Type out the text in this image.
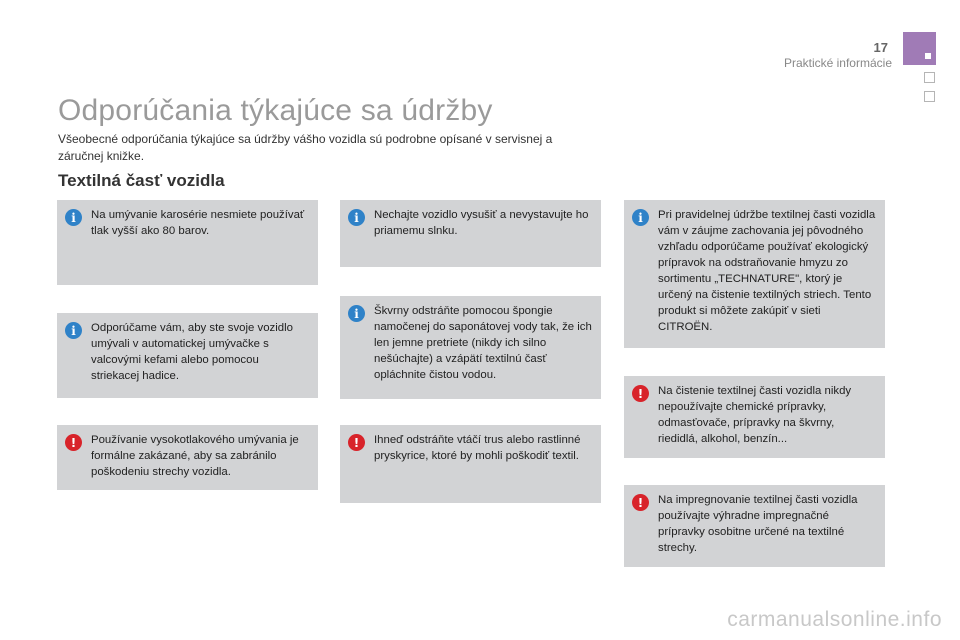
17
Praktické informácie
Odporúčania týkajúce sa údržby

Všeobecné odporúčania týkajúce sa údržby vášho vozidla sú podrobne opísané v servisnej a záručnej knižke.

Textilná časť vozidla
i	Na umývanie karosérie nesmiete používať tlak vyšší ako 80 barov.
i	Odporúčame vám, aby ste svoje vozidlo umývali v automatickej umývačke s valcovými kefami alebo pomocou striekacej hadice.
!	Používanie vysokotlakového umývania je formálne zakázané, aby sa zabránilo poškodeniu strechy vozidla.
i	Nechajte vozidlo vysušiť a nevystavujte ho priamemu slnku.
i	Škvrny odstráňte pomocou špongie namočenej do saponátovej vody tak, že ich len jemne pretriete (nikdy ich silno nešúchajte) a vzápätí textilnú časť opláchnite čistou vodou.
!	Ihneď odstráňte vtáčí trus alebo rastlinné pryskyrice, ktoré by mohli poškodiť textil.
i	Pri pravidelnej údržbe textilnej časti vozidla vám v záujme zachovania jej pôvodného vzhľadu odporúčame používať ekologický prípravok na odstraňovanie hmyzu zo sortimentu „TECHNATURE", ktorý je určený na čistenie textilných striech. Tento produkt si môžete zakúpiť v sieti CITROËN.
!	Na čistenie textilnej časti vozidla nikdy nepoužívajte chemické prípravky, odmasťovače, prípravky na škvrny, riedidlá, alkohol, benzín...
!	Na impregnovanie textilnej časti vozidla používajte výhradne impregnačné prípravky osobitne určené na textilné strechy.
carmanualsonline.info
